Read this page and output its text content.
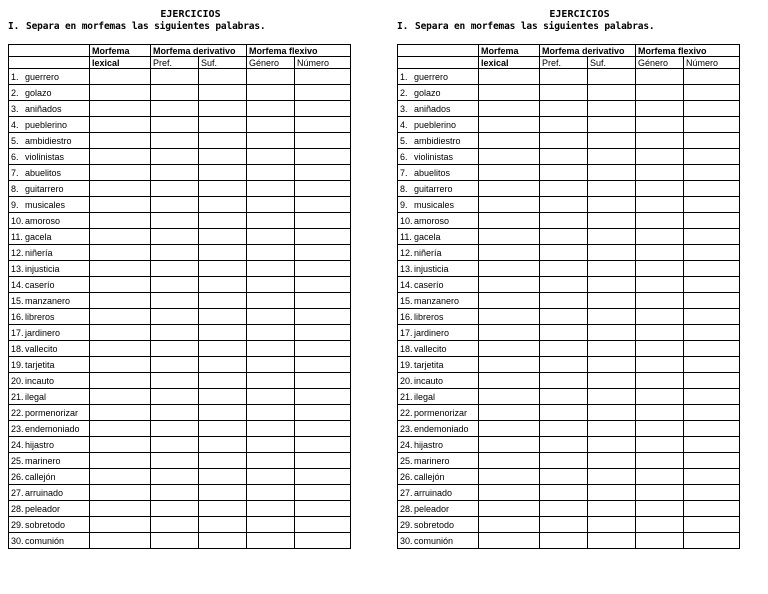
EJERCICIOS
I. Separa en morfemas las siguientes palabras.
	Morfema	Morfema derivativo		Morfema flexivo	
	lexical	Pref.	Suf.	Género	Número
1. guerrero					
2. golazo					
3. aniñados					
4. pueblerino					
5. ambidiestro					
6. violinistas					
7. abuelitos					
8. guitarrero					
9. musicales					
10.amoroso					
11. gacela					
12.niñería					
13.injusticia					
14.caserío					
15.manzanero					
16.libreros					
17.jardinero					
18.vallecito					
19.tarjetita					
20.incauto					
21.ilegal					
22.pormenorizar					
23.endemoniado					
24.hijastro					
25.marinero					
26.callejón					
27.arruinado					
28.peleador					
29.sobretodo					
30.comunión					
EJERCICIOS
I. Separa en morfemas las siguientes palabras.
	Morfema	Morfema derivativo		Morfema flexivo	
	lexical	Pref.	Suf.	Género	Número
1. guerrero					
2. golazo					
3. aniñados					
4. pueblerino					
5. ambidiestro					
6. violinistas					
7. abuelitos					
8. guitarrero					
9. musicales					
10.amoroso					
11. gacela					
12.niñería					
13.injusticia					
14.caserío					
15.manzanero					
16.libreros					
17.jardinero					
18.vallecito					
19.tarjetita					
20.incauto					
21.ilegal					
22.pormenorizar					
23.endemoniado					
24.hijastro					
25.marinero					
26.callejón					
27.arruinado					
28.peleador					
29.sobretodo					
30.comunión					
